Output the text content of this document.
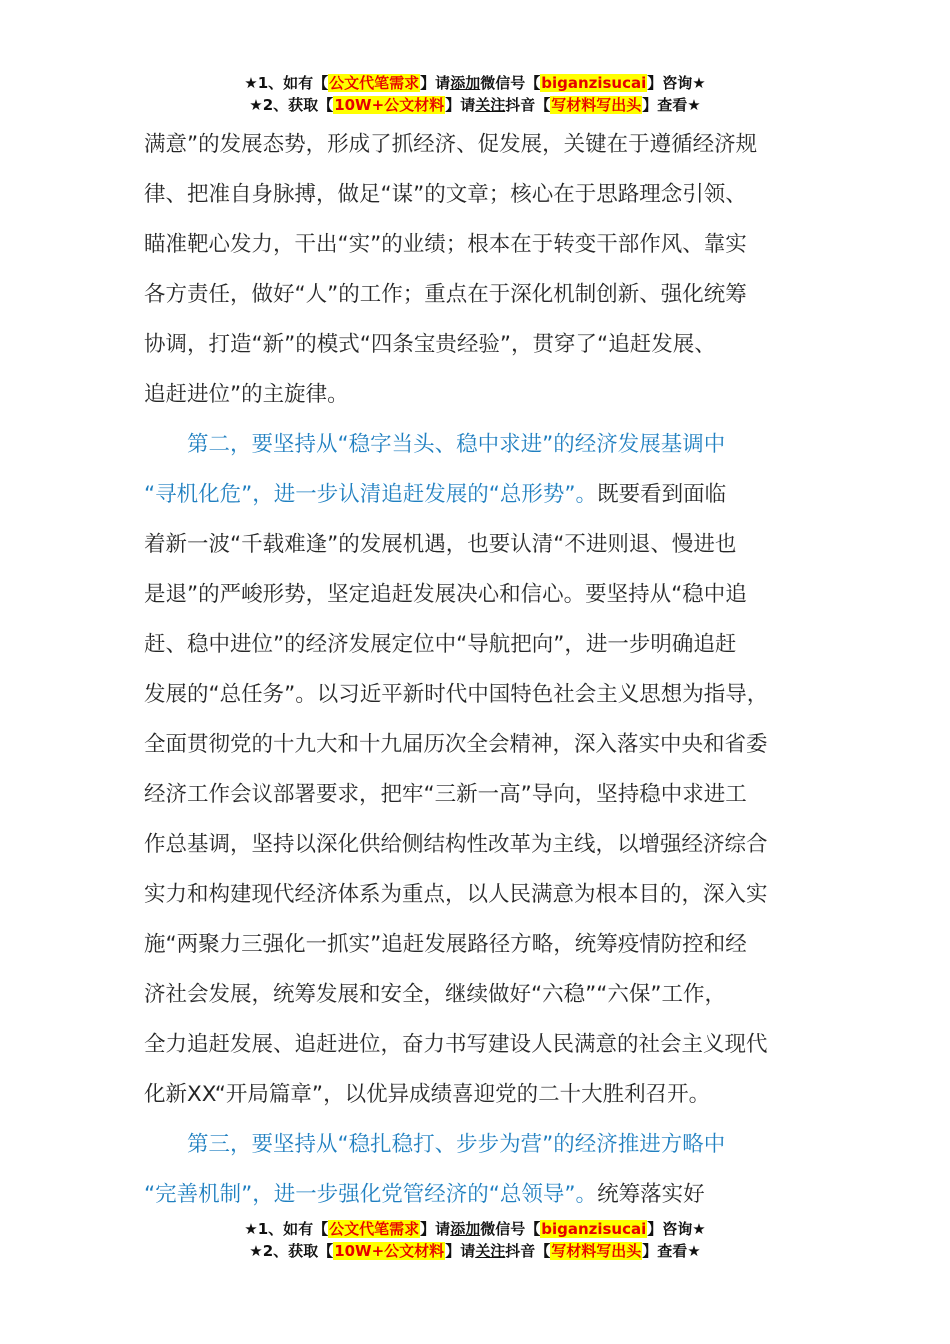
★1、如有【公文代笔需求】请添加微信号【biganzisucai】咨询★
★2、获取【10W+公文材料】请关注抖音【写材料写出头】查看★
满意”的发展态势，形成了抓经济、促发展，关键在于遵循经济规
律、把准自身脉搏，做足“谋”的文章；核心在于思路理念引领、
瞄准靶心发力，干出“实”的业绩；根本在于转变干部作风、靠实
各方责任，做好“人”的工作；重点在于深化机制创新、强化统筹
协调，打造“新”的模式“四条宝贵经验”，贯穿了“追赶发展、
追赶进位”的主旋律。
　　第二，要坚持从“稳字当头、稳中求进”的经济发展基调中
“寻机化危”，进一步认清追赶发展的“总形势”。既要看到面临
着新一波“千载难逢”的发展机遇，也要认清“不进则退、慢进也
是退”的严峻形势，坚定追赶发展决心和信心。要坚持从“稳中追
赶、稳中进位”的经济发展定位中“导航把向”，进一步明确追赶
发展的“总任务”。以习近平新时代中国特色社会主义思想为指导，
全面贯彻党的十九大和十九届历次全会精神，深入落实中央和省委
经济工作会议部署要求，把牢“三新一高”导向，坚持稳中求进工
作总基调，坚持以深化供给侧结构性改革为主线，以增强经济综合
实力和构建现代经济体系为重点，以人民满意为根本目的，深入实
施“两聚力三强化一抓实”追赶发展路径方略，统筹疫情防控和经
济社会发展，统筹发展和安全，继续做好“六稳”“六保”工作，
全力追赶发展、追赶进位，奋力书写建设人民满意的社会主义现代
化新XX“开局篇章”，以优异成绩喜迎党的二十大胜利召开。
　　第三，要坚持从“稳扎稳打、步步为营”的经济推进方略中
“完善机制”，进一步强化党管经济的“总领导”。统筹落实好
★1、如有【公文代笔需求】请添加微信号【biganzisucai】咨询★
★2、获取【10W+公文材料】请关注抖音【写材料写出头】查看★
